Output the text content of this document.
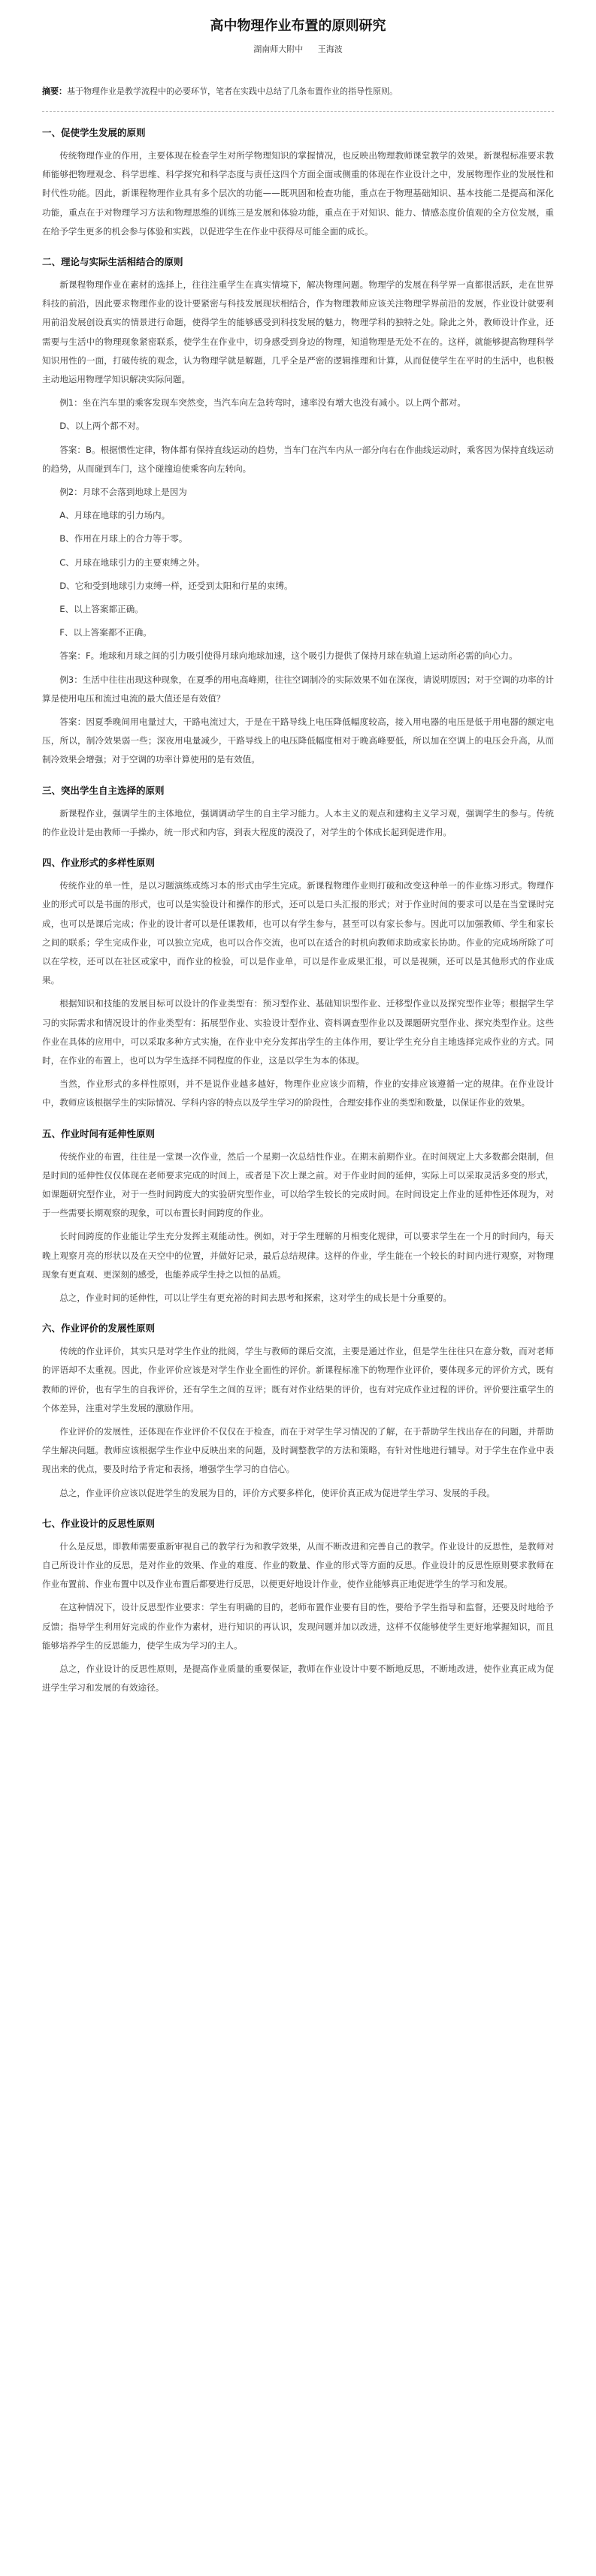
高中物理作业布置的原则研究
湖南师大附中 王海波
摘要：基于物理作业是教学流程中的必要环节，笔者在实践中总结了几条布置作业的指导性原则。
一、促使学生发展的原则

传统物理作业的作用，主要体现在检查学生对所学物理知识的掌握情况，也反映出物理教师课堂教学的效果。新课程标准要求教师能够把物理观念、科学思维、科学探究和科学态度与责任这四个方面全面或侧重的体现在作业设计之中，发展物理作业的发展性和时代性功能。因此，新课程物理作业具有多个层次的功能——既巩固和检查功能，重点在于物理基础知识、基本技能二是提高和深化功能，重点在于对物理学习方法和物理思维的训练三是发展和体验功能，重点在于对知识、能力、情感态度价值观的全方位发展，重在给予学生更多的机会参与体验和实践，以促进学生在作业中获得尽可能全面的成长。

二、理论与实际生活相结合的原则

新课程物理作业在素材的选择上，往往注重学生在真实情境下，解决物理问题。物理学的发展在科学界一直都很活跃，走在世界科技的前沿，因此要求物理作业的设计要紧密与科技发展现状相结合，作为物理教师应该关注物理学界前沿的发展，作业设计就要利用前沿发展创设真实的情景进行命题，使得学生的能够感受到科技发展的魅力，物理学科的独特之处。除此之外，教师设计作业，还需要与生活中的物理现象紧密联系，使学生在作业中，切身感受到身边的物理，知道物理是无处不在的。这样，就能够提高物理科学知识用性的一面，打破传统的观念，认为物理学就是解题，几乎全是严密的逻辑推理和计算，从而促使学生在平时的生活中，也积极主动地运用物理学知识解决实际问题。

例1：坐在汽车里的乘客发现车突然变，当汽车向左急转弯时，速率没有增大也没有减小。以上两个都对。

D、以上两个都不对。

答案：B。根据惯性定律，物体都有保持直线运动的趋势，当车门在汽车内从一部分向右在作曲线运动时，乘客因为保持直线运动的趋势，从而碰到车门，这个碰撞迫使乘客向左转向。

例2：月球不会落到地球上是因为

A、月球在地球的引力场内。

B、作用在月球上的合力等于零。

C、月球在地球引力的主要束缚之外。

D、它和受到地球引力束缚一样，还受到太阳和行星的束缚。

E、以上答案都正确。

F、以上答案都不正确。

答案：F。地球和月球之间的引力吸引使得月球向地球加速，这个吸引力提供了保持月球在轨道上运动所必需的向心力。

例3：生活中往往出现这种现象，在夏季的用电高峰期，往往空调制冷的实际效果不如在深夜，请说明原因；对于空调的功率的计算是使用电压和流过电流的最大值还是有效值？

答案：因夏季晚间用电量过大，干路电流过大，于是在干路导线上电压降低幅度较高，接入用电器的电压是低于用电器的额定电压，所以，制冷效果弱一些；深夜用电量减少，干路导线上的电压降低幅度相对于晚高峰要低，所以加在空调上的电压会升高，从而制冷效果会增强；对于空调的功率计算使用的是有效值。

三、突出学生自主选择的原则

新课程作业，强调学生的主体地位，强调调动学生的自主学习能力。人本主义的观点和建构主义学习观，强调学生的参与。传统的作业设计是由教师一手操办，统一形式和内容，到表大程度的漠没了，对学生的个体成长起到促进作用。

四、作业形式的多样性原则

传统作业的单一性，是以习题演练或练习本的形式由学生完成。新课程物理作业则打破和改变这种单一的作业练习形式。物理作业的形式可以是书面的形式，也可以是实验设计和操作的形式，还可以是口头汇报的形式；对于作业时间的要求可以是在当堂课时完成，也可以是课后完成；作业的设计者可以是任课教师，也可以有学生参与，甚至可以有家长参与。因此可以加强教师、学生和家长之间的联系；学生完成作业，可以独立完成，也可以合作交流，也可以在适合的时机向教师求助或家长协助。作业的完成场所除了可以在学校，还可以在社区或家中，而作业的检验，可以是作业单，可以是作业成果汇报，可以是视频，还可以是其他形式的作业成果。

根据知识和技能的发展目标可以设计的作业类型有：预习型作业、基础知识型作业、迁移型作业以及探究型作业等；根据学生学习的实际需求和情况设计的作业类型有：拓展型作业、实验设计型作业、资料调查型作业以及课题研究型作业、探究类型作业。这些作业在具体的应用中，可以采取多种方式实施，在作业中充分发挥出学生的主体作用，要让学生充分自主地选择完成作业的方式。同时，在作业的布置上，也可以为学生选择不同程度的作业，这是以学生为本的体现。

当然，作业形式的多样性原则，并不是说作业越多越好，物理作业应该少而精，作业的安排应该遵循一定的规律。在作业设计中，教师应该根据学生的实际情况、学科内容的特点以及学生学习的阶段性，合理安排作业的类型和数量，以保证作业的效果。

五、作业时间有延伸性原则

传统作业的布置，往往是一堂课一次作业，然后一个星期一次总结性作业。在期末前期作业。在时间规定上大多数都会限制，但是时间的延伸性仅仅体现在老师要求完成的时间上，或者是下次上课之前。对于作业时间的延伸，实际上可以采取灵活多变的形式，如课题研究型作业，对于一些时间跨度大的实验研究型作业，可以给学生较长的完成时间。在时间设定上作业的延伸性还体现为，对于一些需要长期观察的现象，可以布置长时间跨度的作业。

长时间跨度的作业能让学生充分发挥主观能动性。例如，对于学生理解的月相变化规律，可以要求学生在一个月的时间内，每天晚上观察月亮的形状以及在天空中的位置，并做好记录，最后总结规律。这样的作业，学生能在一个较长的时间内进行观察，对物理现象有更直观、更深刻的感受，也能养成学生持之以恒的品质。

总之，作业时间的延伸性，可以让学生有更充裕的时间去思考和探索，这对学生的成长是十分重要的。

六、作业评价的发展性原则

传统的作业评价，其实只是对学生作业的批阅，学生与教师的课后交流，主要是通过作业，但是学生往往只在意分数，而对老师的评语却不太重视。因此，作业评价应该是对学生作业全面性的评价。新课程标准下的物理作业评价，要体现多元的评价方式，既有教师的评价，也有学生的自我评价，还有学生之间的互评；既有对作业结果的评价，也有对完成作业过程的评价。评价要注重学生的个体差异，注重对学生发展的激励作用。

作业评价的发展性，还体现在作业评价不仅仅在于检查，而在于对学生学习情况的了解，在于帮助学生找出存在的问题，并帮助学生解决问题。教师应该根据学生作业中反映出来的问题，及时调整教学的方法和策略，有针对性地进行辅导。对于学生在作业中表现出来的优点，要及时给予肯定和表扬，增强学生学习的自信心。

总之，作业评价应该以促进学生的发展为目的，评价方式要多样化，使评价真正成为促进学生学习、发展的手段。

七、作业设计的反思性原则

什么是反思，即教师需要重新审视自己的教学行为和教学效果，从而不断改进和完善自己的教学。作业设计的反思性，是教师对自己所设计作业的反思，是对作业的效果、作业的难度、作业的数量、作业的形式等方面的反思。作业设计的反思性原则要求教师在作业布置前、作业布置中以及作业布置后都要进行反思，以便更好地设计作业，使作业能够真正地促进学生的学习和发展。

在这种情况下，设计反思型作业要求：学生有明确的目的，老师布置作业要有目的性，要给予学生指导和监督，还要及时地给予反馈；指导学生利用好完成的作业作为素材，进行知识的再认识，发现问题并加以改进，这样不仅能够使学生更好地掌握知识，而且能够培养学生的反思能力，使学生成为学习的主人。

总之，作业设计的反思性原则，是提高作业质量的重要保证，教师在作业设计中要不断地反思，不断地改进，使作业真正成为促进学生学习和发展的有效途径。
